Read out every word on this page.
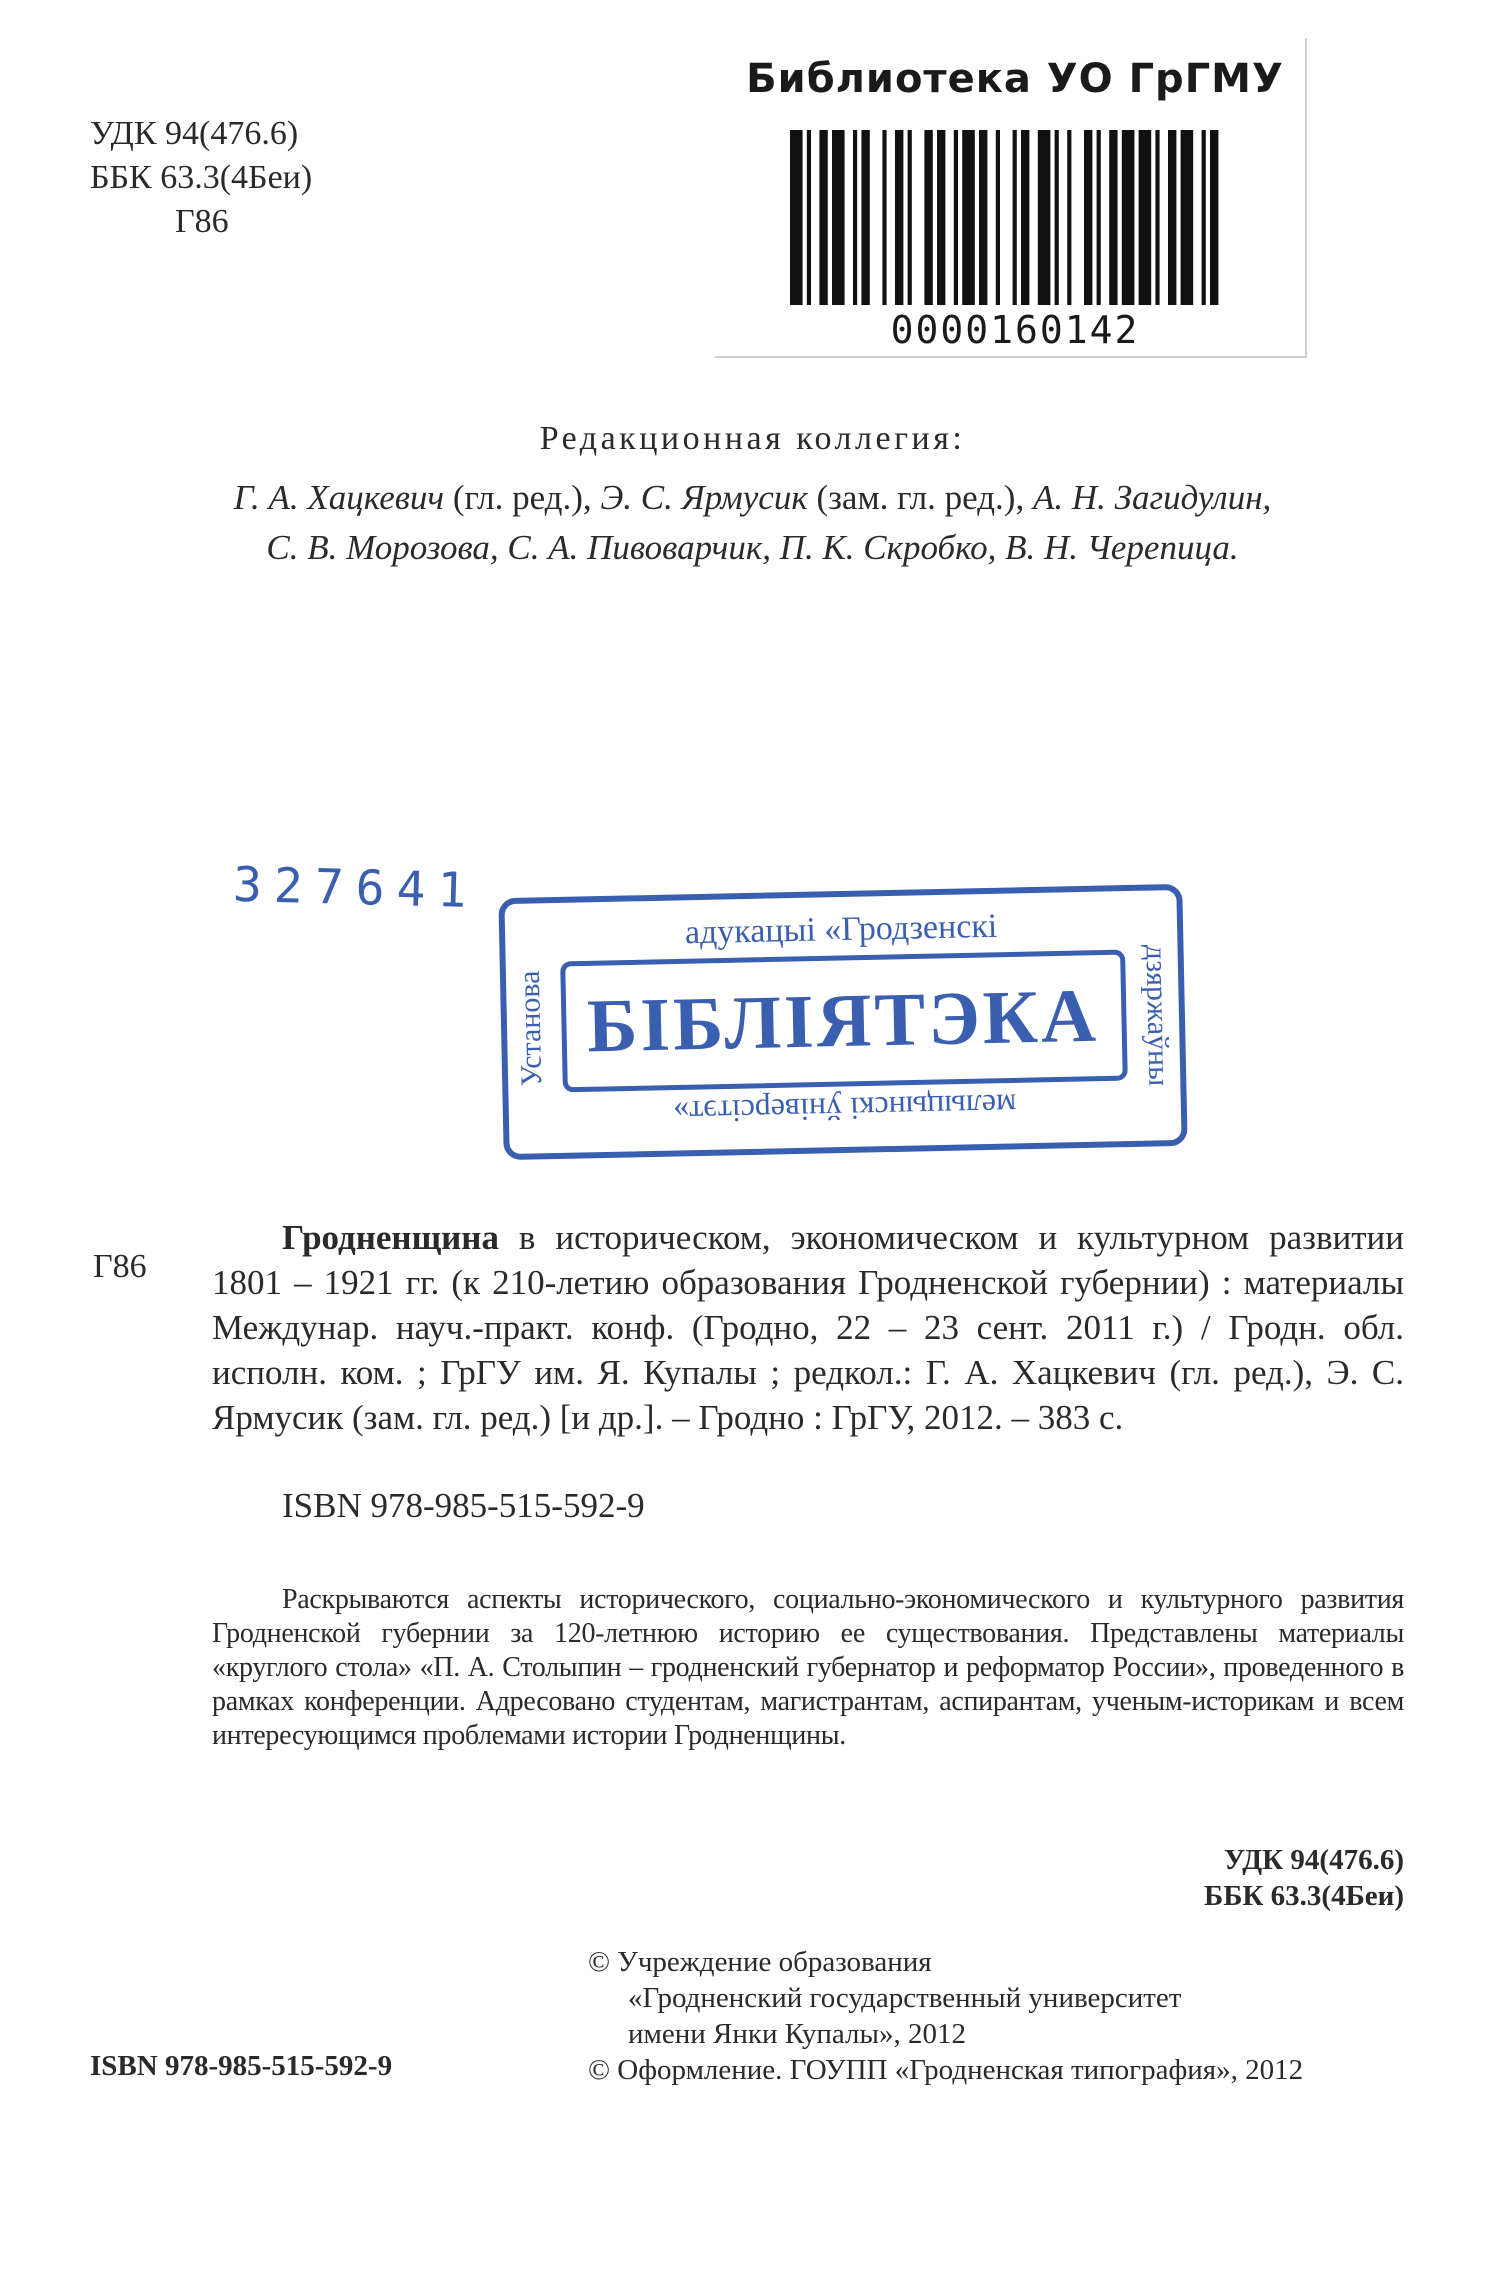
УДК 94(476.6)
ББК 63.3(4Беи)
Г86
Библиотека УО ГрГМУ
0000160142
Редакционная коллегия:
Г. А. Хацкевич (гл. ред.), Э. С. Ярмусик (зам. гл. ред.), А. Н. Загидулин,
С. В. Морозова, С. А. Пивоварчик, П. К. Скробко, В. Н. Черепица.
327641
адукацыі «Гродзенскі
БІБЛІЯТЭКА
мелыцынскі ўніверсітэт»
Установа	дзяржаўны
Г86
Гродненщина в историческом, экономическом и культурном развитии 1801 – 1921 гг. (к 210-летию образования Гродненской губернии) : материалы Междунар. науч.-практ. конф. (Гродно, 22 – 23 сент. 2011 г.) / Гродн. обл. исполн. ком. ; ГрГУ им. Я. Купалы ; редкол.: Г. А. Хацкевич (гл. ред.), Э. С. Ярмусик (зам. гл. ред.) [и др.]. – Гродно : ГрГУ, 2012. – 383 с.
ISBN 978-985-515-592-9
Раскрываются аспекты исторического, социально-экономического и культурного развития Гродненской губернии за 120-летнюю историю ее существования. Представлены материалы «круглого стола» «П. А. Столыпин – гродненский губернатор и реформатор России», проведенного в рамках конференции. Адресовано студентам, магистрантам, аспирантам, ученым-историкам и всем интересующимся проблемами истории Гродненщины.
УДК 94(476.6)
ББК 63.3(4Беи)
© Учреждение образования
«Гродненский государственный университет
имени Янки Купалы», 2012
© Оформление. ГОУПП «Гродненская типография», 2012
ISBN 978-985-515-592-9
